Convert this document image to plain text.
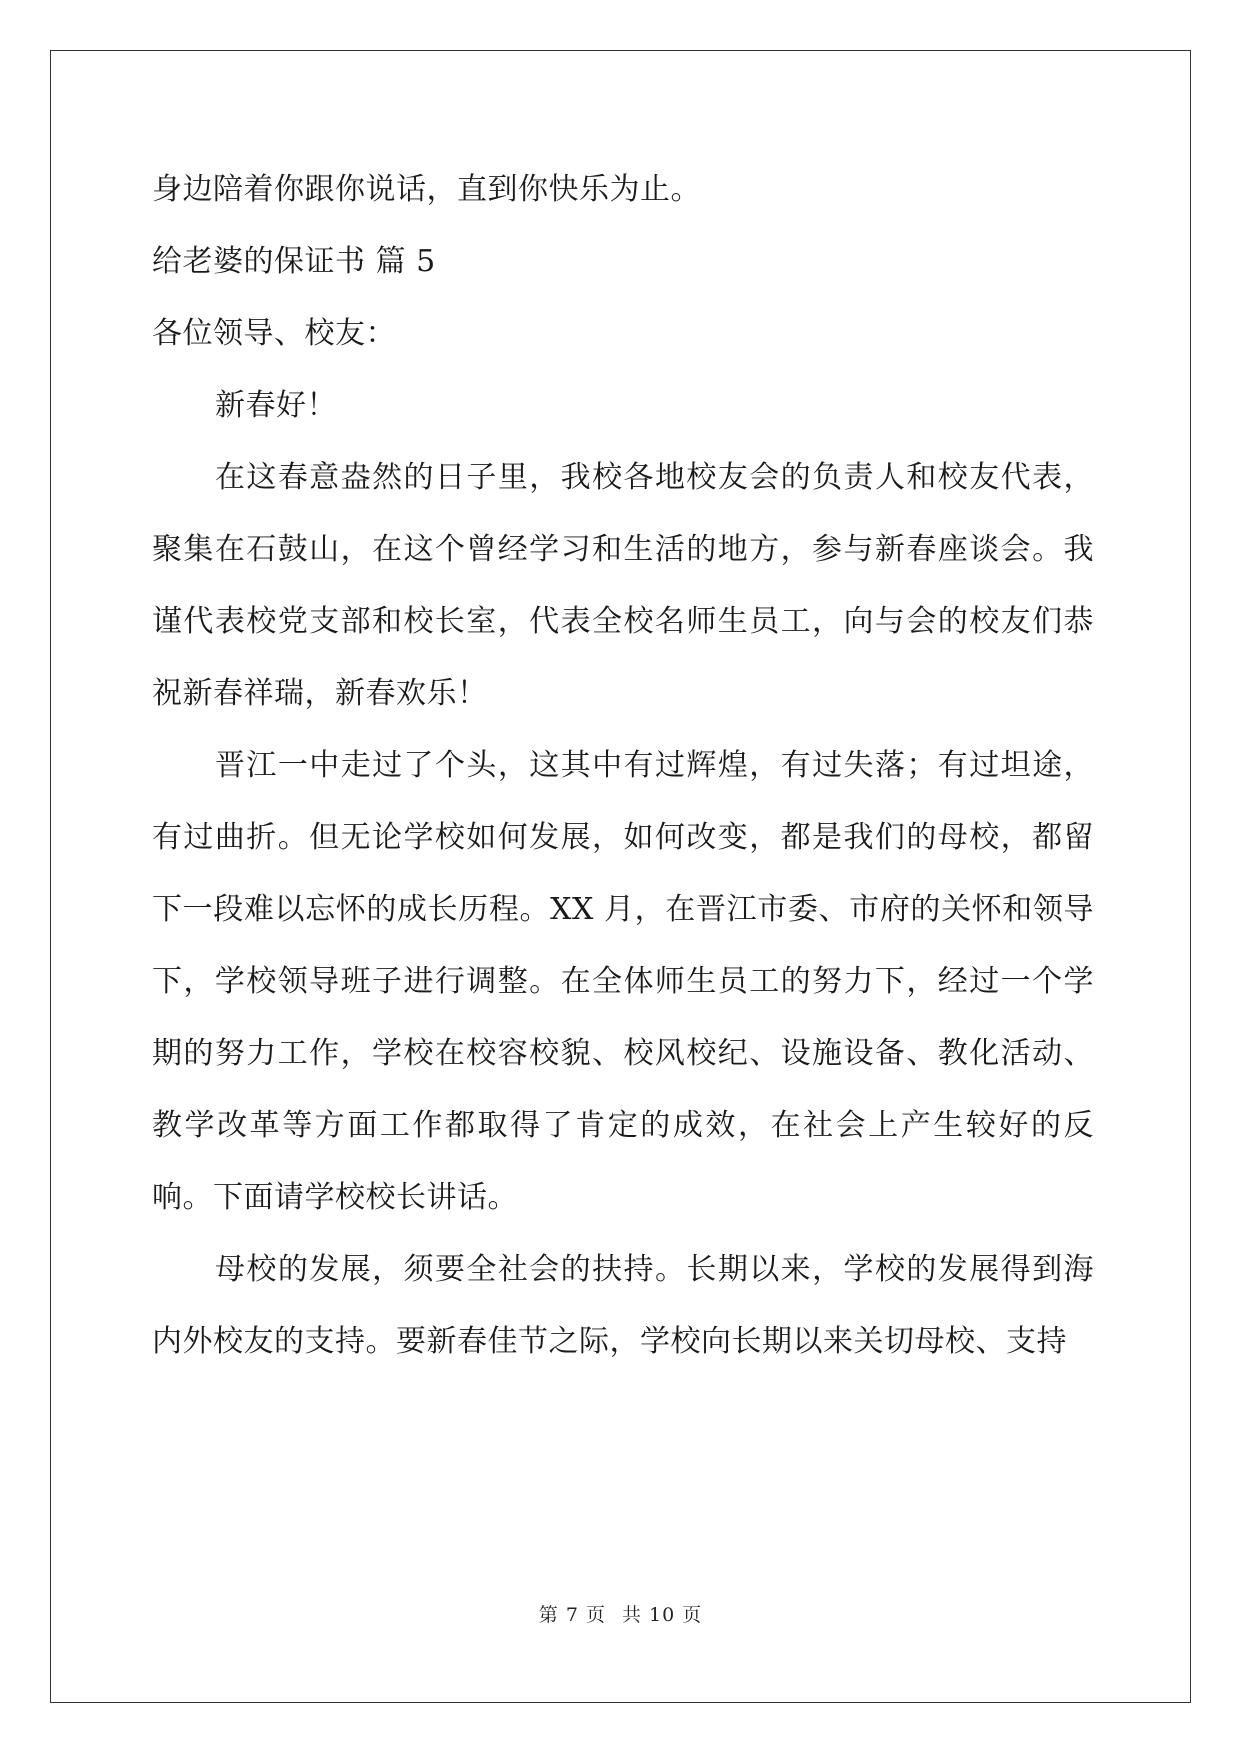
身边陪着你跟你说话，直到你快乐为止。
给老婆的保证书 篇 5
各位领导、校友：

新春好！

在这春意盎然的日子里，我校各地校友会的负责人和校友代表，聚集在石鼓山，在这个曾经学习和生活的地方，参与新春座谈会。我谨代表校党支部和校长室，代表全校名师生员工，向与会的校友们恭祝新春祥瑞，新春欢乐！

晋江一中走过了个头，这其中有过辉煌，有过失落；有过坦途，有过曲折。但无论学校如何发展，如何改变，都是我们的母校，都留下一段难以忘怀的成长历程。XX 月，在晋江市委、市府的关怀和领导下，学校领导班子进行调整。在全体师生员工的努力下，经过一个学期的努力工作，学校在校容校貌、校风校纪、设施设备、教化活动、教学改革等方面工作都取得了肯定的成效，在社会上产生较好的反响。下面请学校校长讲话。

母校的发展，须要全社会的扶持。长期以来，学校的发展得到海内外校友的支持。要新春佳节之际，学校向长期以来关切母校、支持

第 7 页 共 10 页
